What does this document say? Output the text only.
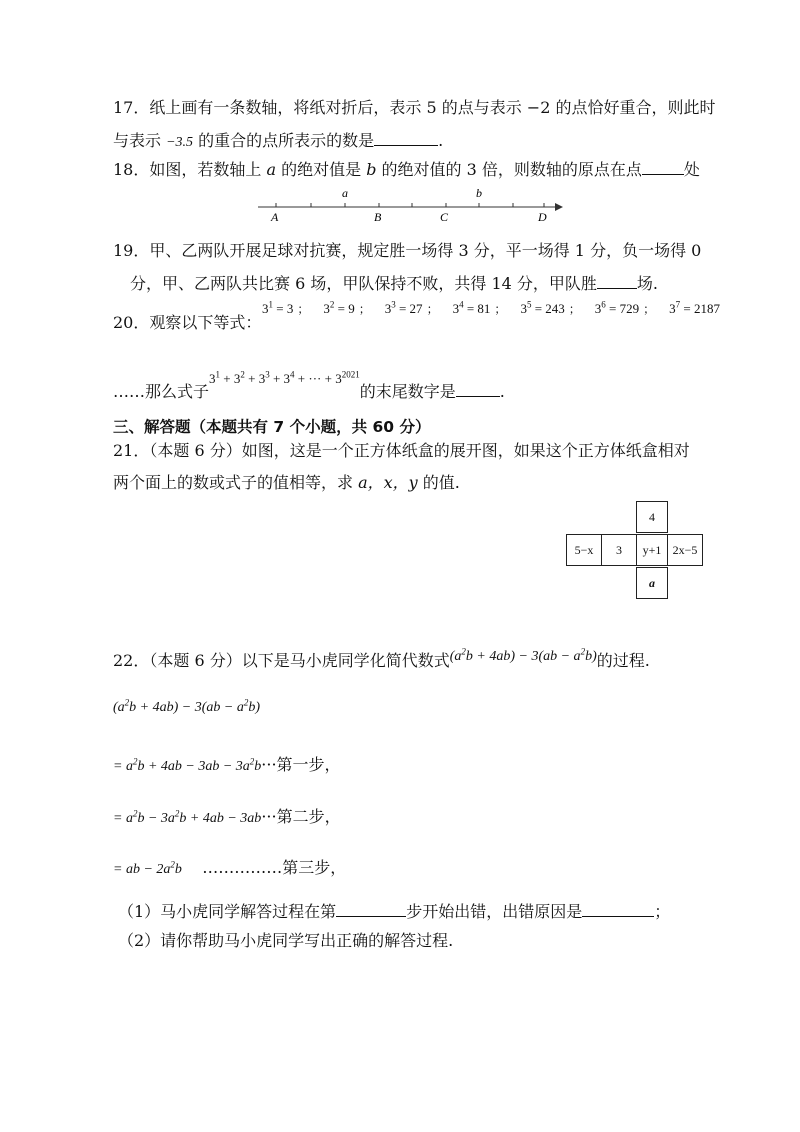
17．纸上画有一条数轴，将纸对折后，表示 5 的点与表示 −2 的点恰好重合，则此时
与表示 −3.5 的重合的点所表示的数是	.
18．如图，若数轴上 a 的绝对值是 b 的绝对值的 3 倍，则数轴的原点在点	处
a	b
A	B	C	D
19．甲、乙两队开展足球对抗赛，规定胜一场得 3 分，平一场得 1 分，负一场得 0
分，甲、乙两队共比赛 6 场，甲队保持不败，共得 14 分，甲队胜	场.
20．观察以下等式：
$3^1 = 3$ ； $3^2 = 9$ ； $3^3 = 27$ ； $3^4 = 81$ ； $3^5 = 243$ ； $3^6 = 729$ ； $3^7 = 2187$
……那么式子$^{3^1 + 3^2 + 3^3 + 3^4 + \cdot\cdot\cdot + 3^{2021}}$的末尾数字是	.
三、解答题（本题共有 7 个小题，共 60 分）
21．（本题 6 分）如图，这是一个正方体纸盒的展开图，如果这个正方体纸盒相对
两个面上的数或式子的值相等，求 a，x，y 的值.
4
5−x	3	y+1 2x−5
a
22．（本题 6 分）以下是马小虎同学化简代数式$(a^2b + 4ab) - 3(ab - a^2b)$的过程.
$(a^2b + 4ab) - 3(ab - a^2b)$
= $a^2b + 4ab - 3ab - 3a^2b\cdot\cdot\cdot$第一步，
= $a^2b - 3a^2b + 4ab - 3ab\cdot\cdot\cdot$第二步，
= ab − $2a^2b$ ……………第三步，
（1）马小虎同学解答过程在第	步开始出错，出错原因是	；
（2）请你帮助马小虎同学写出正确的解答过程.
